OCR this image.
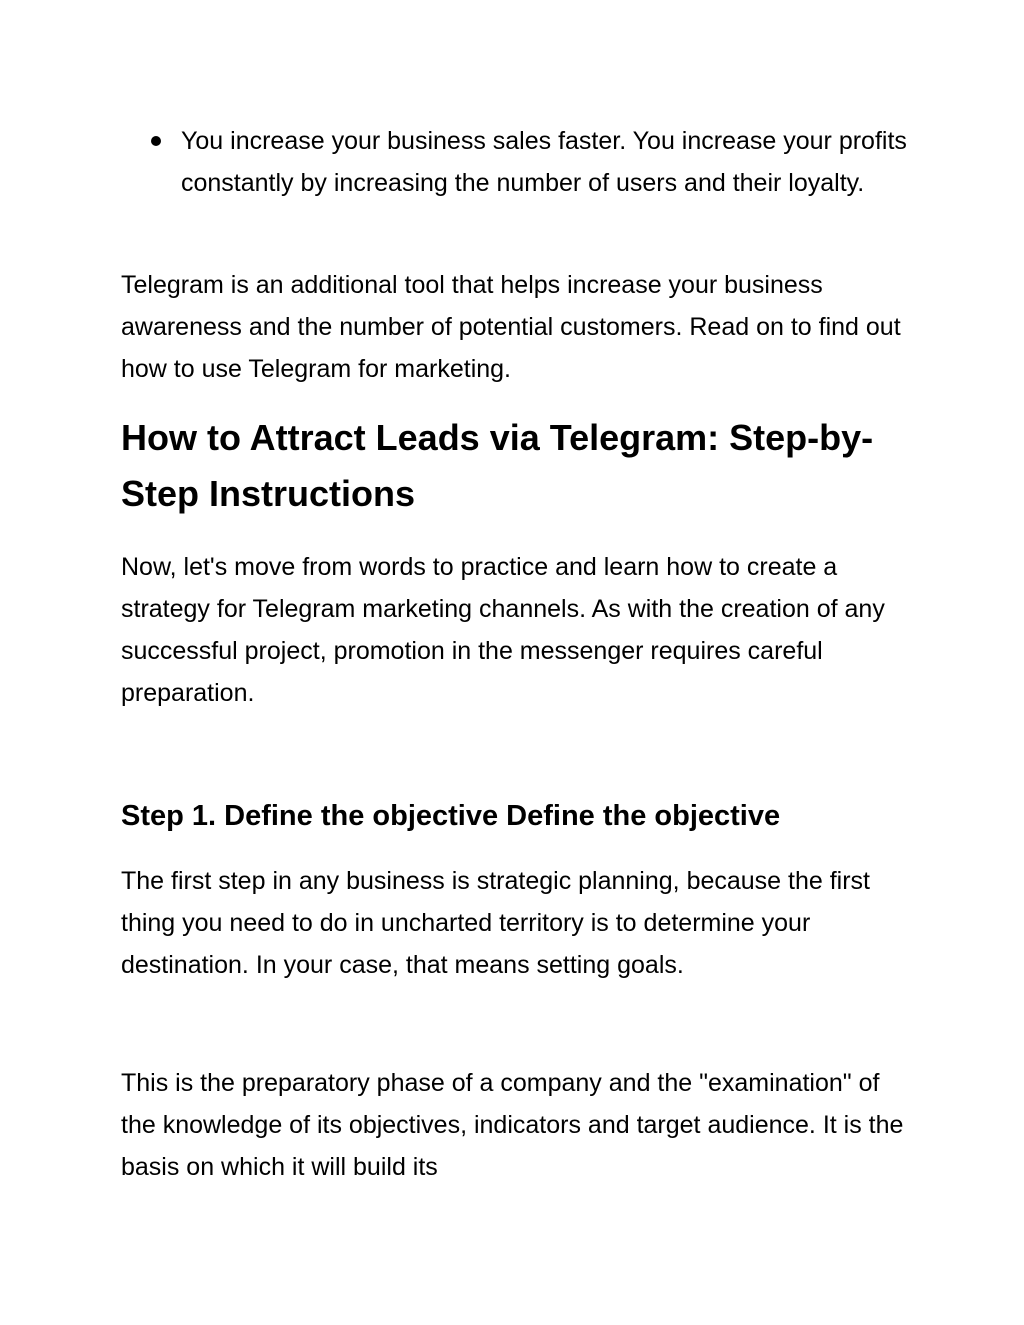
You increase your business sales faster. You increase your profits constantly by increasing the number of users and their loyalty.

Telegram is an additional tool that helps increase your business awareness and the number of potential customers. Read on to find out how to use Telegram for marketing.

How to Attract Leads via Telegram: Step-by-Step Instructions

Now, let's move from words to practice and learn how to create a strategy for Telegram marketing channels. As with the creation of any successful project, promotion in the messenger requires careful preparation.

Step 1. Define the objective Define the objective

The first step in any business is strategic planning, because the first thing you need to do in uncharted territory is to determine your destination. In your case, that means setting goals.

This is the preparatory phase of a company and the "examination" of the knowledge of its objectives, indicators and target audience. It is the basis on which it will build its
